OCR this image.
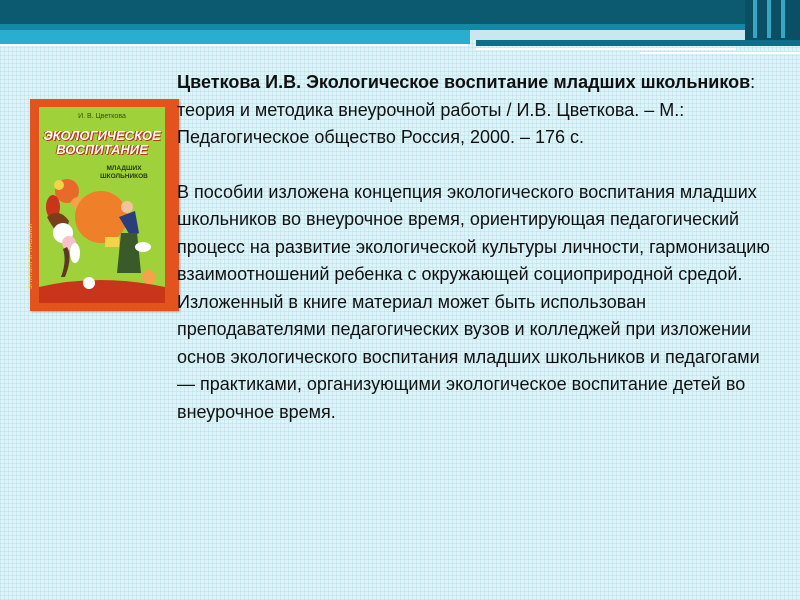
ЗНАНИЯ И НАВЫКИ
И. В. Цветкова
ЭКОЛОГИЧЕСКОЕ ВОСПИТАНИЕ
МЛАДШИХ ШКОЛЬНИКОВ

Цветкова И.В. Экологическое воспитание младших школьников: теория и методика внеурочной работы / И.В. Цветкова. – М.: Педагогическое общество Россия, 2000. – 176 с.

В пособии изложена концепция экологического воспитания младших школьников во внеурочное время, ориентирующая педагогический процесс на развитие экологической культуры личности, гармонизацию взаимоотношений ребенка с окружающей социоприродной средой.

Изложенный в книге материал может быть использован преподавателями педагогических вузов и колледжей при изложении основ экологического воспитания младших школьников и педагогами — практиками, организующими экологическое воспитание детей во внеурочное время.
